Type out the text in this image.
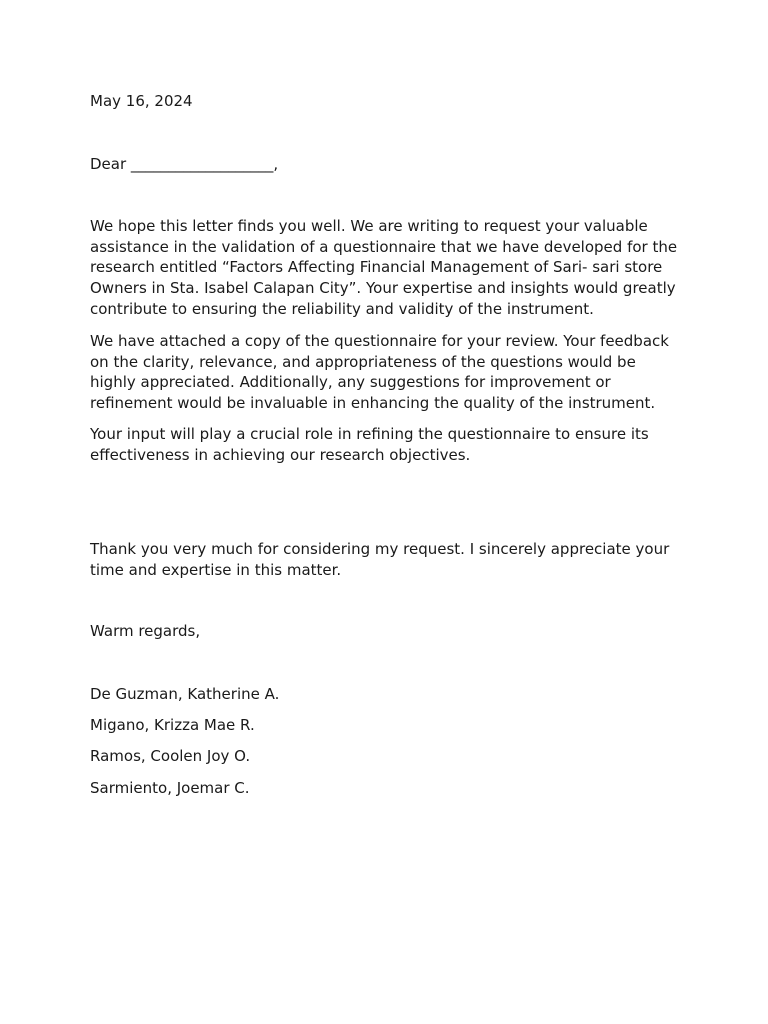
May 16, 2024

Dear ___________________,

We hope this letter finds you well. We are writing to request your valuable assistance in the validation of a questionnaire that we have developed for the research entitled “Factors Affecting Financial Management of Sari- sari store Owners in Sta. Isabel Calapan City”. Your expertise and insights would greatly contribute to ensuring the reliability and validity of the instrument.

We have attached a copy of the questionnaire for your review. Your feedback on the clarity, relevance, and appropriateness of the questions would be highly appreciated. Additionally, any suggestions for improvement or refinement would be invaluable in enhancing the quality of the instrument.

Your input will play a crucial role in refining the questionnaire to ensure its effectiveness in achieving our research objectives.

Thank you very much for considering my request. I sincerely appreciate your time and expertise in this matter.

Warm regards,

De Guzman, Katherine A.

Migano, Krizza Mae R.

Ramos, Coolen Joy O.

Sarmiento, Joemar C.
